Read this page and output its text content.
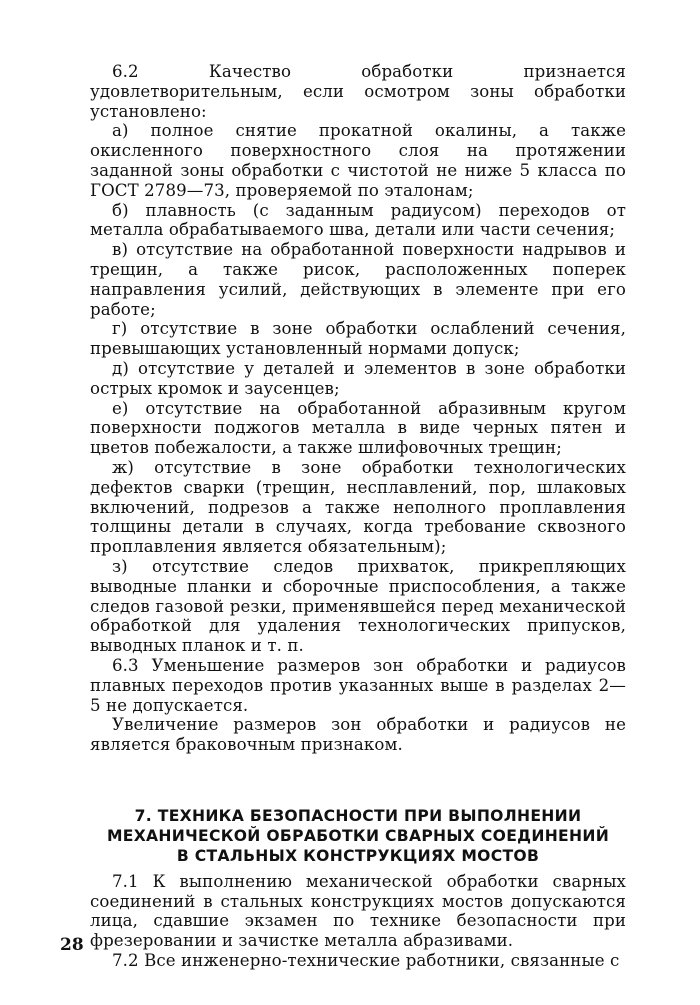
6.2 Качество обработки признается удовлетворительным, если осмотром зоны обработки установлено:

а) полное снятие прокатной окалины, а также окисленного поверхностного слоя на протяжении заданной зоны обработки с чистотой не ниже 5 класса по ГОСТ 2789—73, проверяемой по эталонам;

б) плавность (с заданным радиусом) переходов от металла обрабатываемого шва, детали или части сечения;

в) отсутствие на обработанной поверхности надрывов и трещин, а также рисок, расположенных поперек направления усилий, действующих в элементе при его работе;

г) отсутствие в зоне обработки ослаблений сечения, превышающих установленный нормами допуск;

д) отсутствие у деталей и элементов в зоне обработки острых кромок и заусенцев;

е) отсутствие на обработанной абразивным кругом поверхности поджогов металла в виде черных пятен и цветов побежалости, а также шлифовочных трещин;

ж) отсутствие в зоне обработки технологических дефектов сварки (трещин, несплавлений, пор, шлаковых включений, подрезов а также неполного проплавления толщины детали в случаях, когда требование сквозного проплавления является обязательным);

з) отсутствие следов прихваток, прикрепляющих выводные планки и сборочные приспособления, а также следов газовой резки, применявшейся перед механической обработкой для удаления технологических припусков, выводных планок и т. п.

6.3 Уменьшение размеров зон обработки и радиусов плавных переходов против указанных выше в разделах 2—5 не допускается.

Увеличение размеров зон обработки и радиусов не является браковочным признаком.

7. ТЕХНИКА БЕЗОПАСНОСТИ ПРИ ВЫПОЛНЕНИИ
МЕХАНИЧЕСКОЙ ОБРАБОТКИ СВАРНЫХ СОЕДИНЕНИЙ
В СТАЛЬНЫХ КОНСТРУКЦИЯХ МОСТОВ

7.1 К выполнению механической обработки сварных соединений в стальных конструкциях мостов допускаются лица, сдавшие экзамен по технике безопасности при фрезеровании и зачистке металла абразивами.

7.2 Все инженерно-технические работники, связанные с

28
